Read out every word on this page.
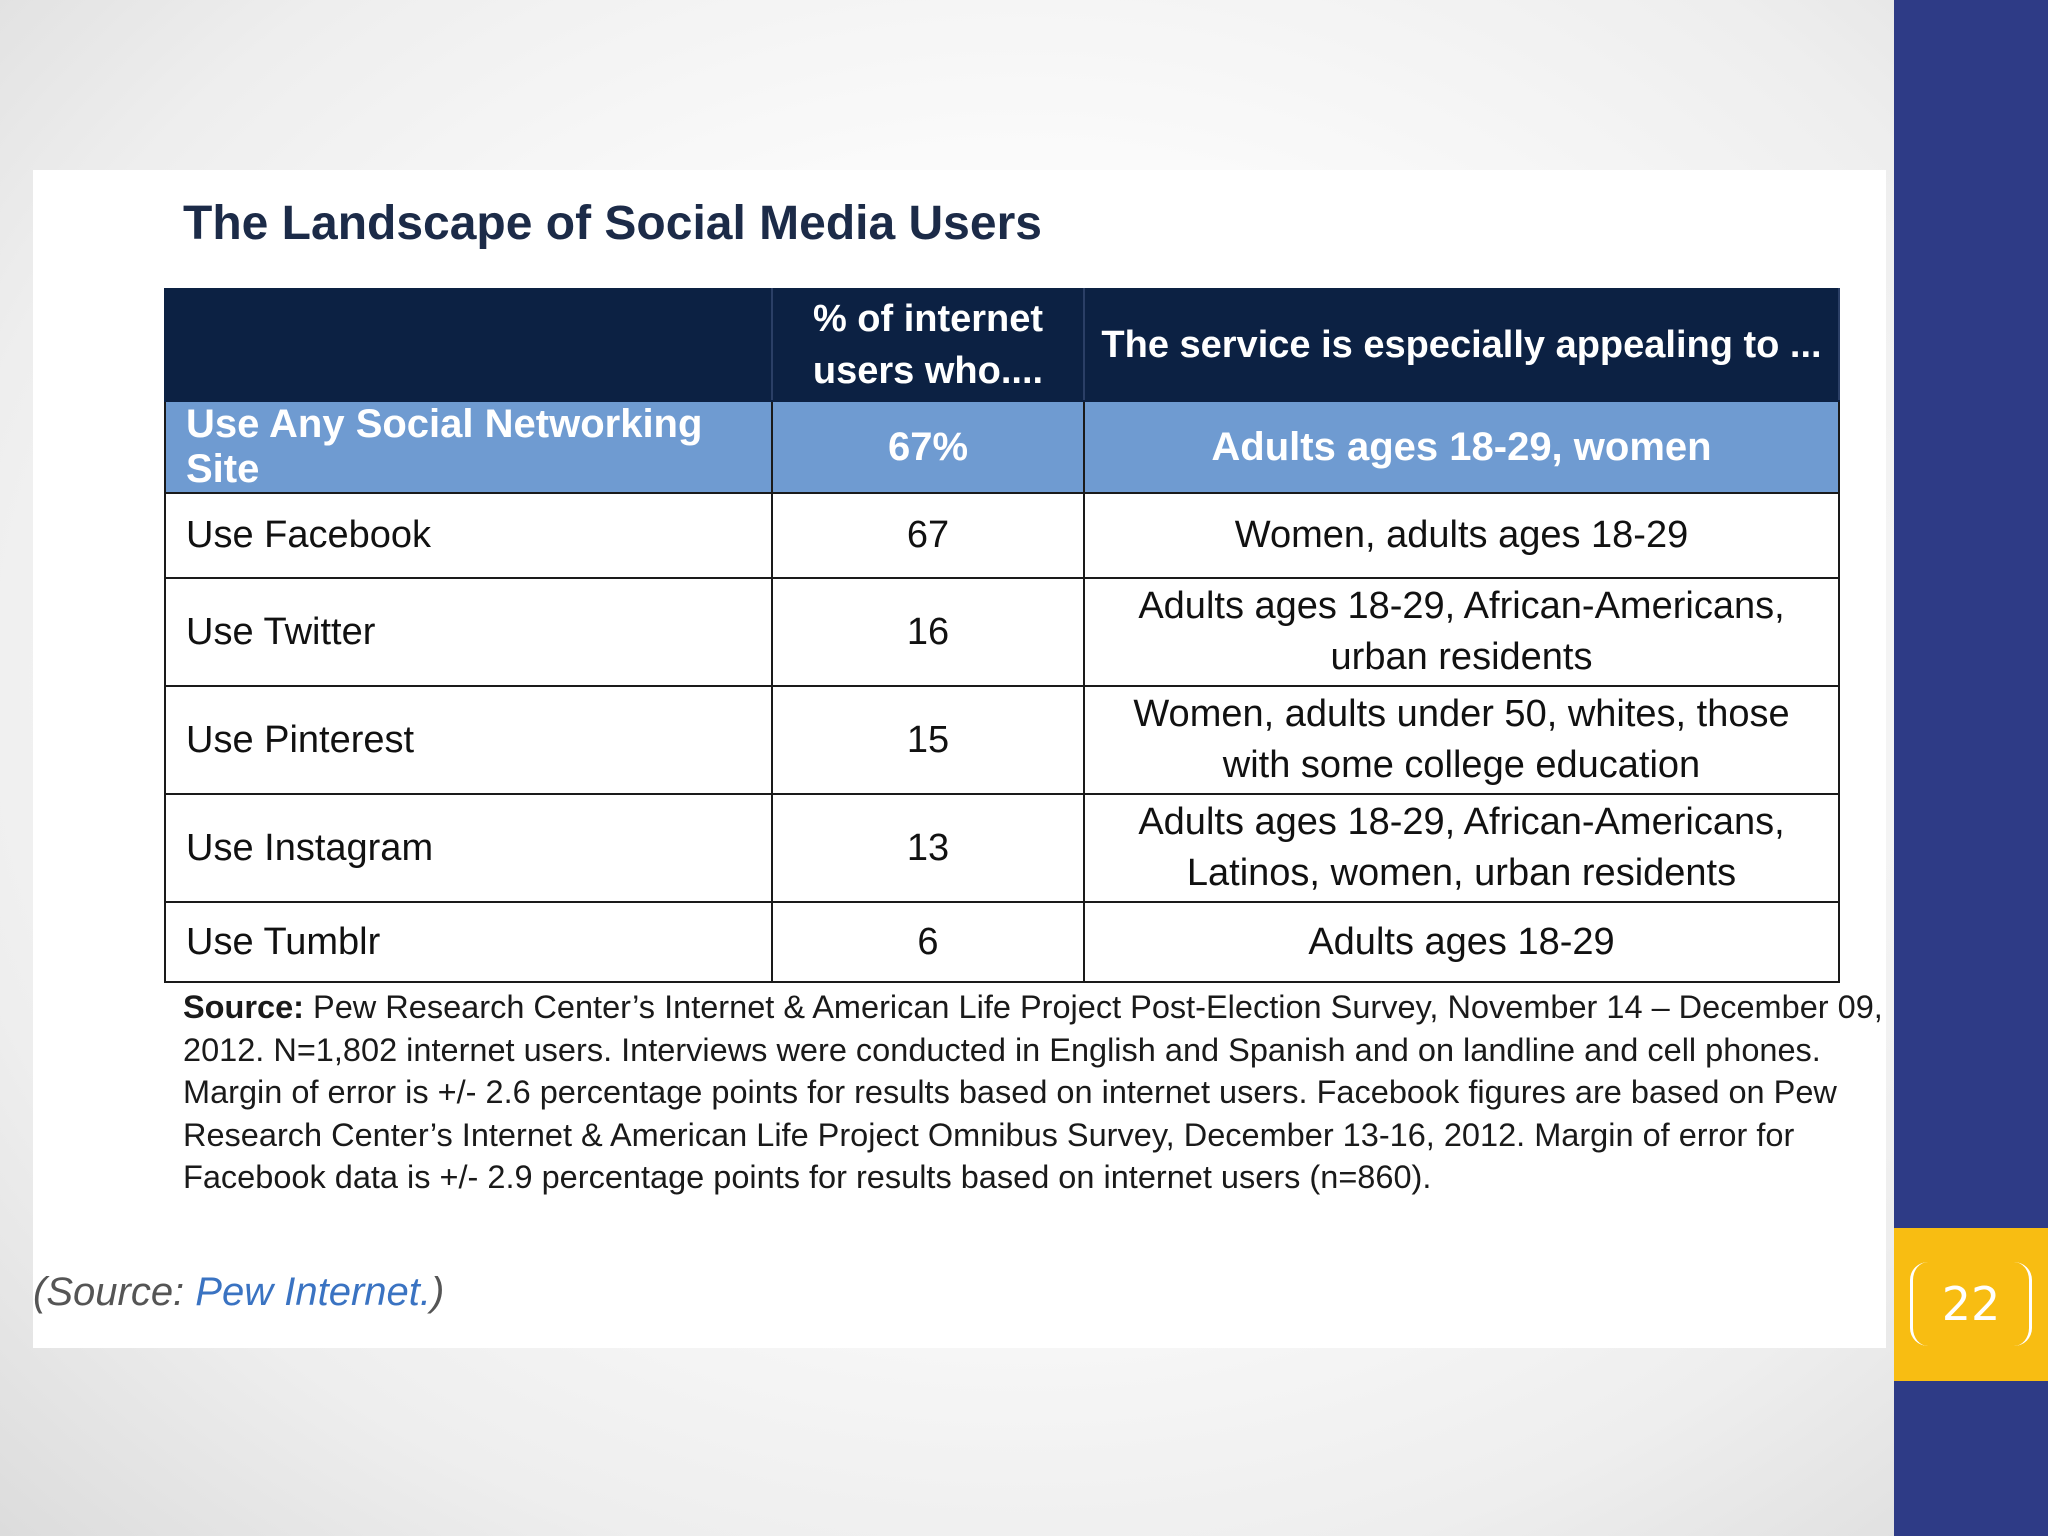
22
The Landscape of Social Media Users
	% of internet users who....	The service is especially appealing to ...
Use Any Social Networking Site	67%	Adults ages 18-29, women
Use Facebook	67	Women, adults ages 18-29
Use Twitter	16	Adults ages 18-29, African-Americans, urban residents
Use Pinterest	15	Women, adults under 50, whites, those with some college education
Use Instagram	13	Adults ages 18-29, African-Americans, Latinos, women, urban residents
Use Tumblr	6	Adults ages 18-29

Source: Pew Research Center’s Internet & American Life Project Post-Election Survey, November 14 – December 09, 2012. N=1,802 internet users. Interviews were conducted in English and Spanish and on landline and cell phones. Margin of error is +/- 2.6 percentage points for results based on internet users. Facebook figures are based on Pew Research Center’s Internet & American Life Project Omnibus Survey, December 13-16, 2012. Margin of error for Facebook data is +/- 2.9 percentage points for results based on internet users (n=860).

(Source: Pew Internet.)
